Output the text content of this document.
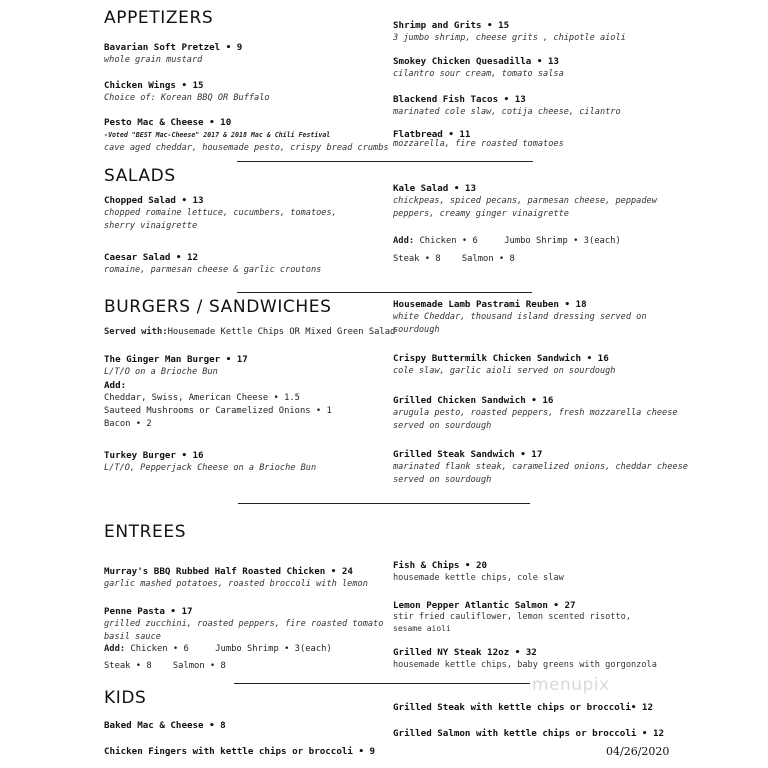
APPETIZERS
Bavarian Soft Pretzel • 9
whole grain mustard
Chicken Wings • 15
Choice of: Korean BBQ OR Buffalo
Pesto Mac & Cheese • 10
-Voted "BEST Mac-Cheese" 2017 & 2018 Mac & Chili Festival
cave aged cheddar, housemade pesto, crispy bread crumbs
Shrimp and Grits • 15
3 jumbo shrimp, cheese grits , chipotle aioli
Smokey Chicken Quesadilla • 13
cilantro sour cream, tomato salsa
Blackend Fish Tacos • 13
marinated cole slaw, cotija cheese, cilantro
Flatbread • 11
mozzarella, fire roasted tomatoes
SALADS
Chopped Salad • 13
chopped romaine lettuce, cucumbers, tomatoes,
sherry vinaigrette
Caesar Salad • 12
romaine, parmesan cheese & garlic croutons
Kale Salad • 13
chickpeas, spiced pecans, parmesan cheese, peppadew
peppers, creamy ginger vinaigrette
Add: Chicken • 6     Jumbo Shrimp • 3(each)
Steak • 8    Salmon • 8
BURGERS / SANDWICHES
Served with:Housemade Kettle Chips OR Mixed Green Salad
The Ginger Man Burger • 17
L/T/O on a Brioche Bun
Add:
Cheddar, Swiss, American Cheese • 1.5
Sauteed Mushrooms or Caramelized Onions • 1
Bacon • 2
Turkey Burger • 16
L/T/O, Pepperjack Cheese on a Brioche Bun
Housemade Lamb Pastrami Reuben • 18
white Cheddar, thousand island dressing served on
sourdough
Crispy Buttermilk Chicken Sandwich • 16
cole slaw, garlic aioli served on sourdough
Grilled Chicken Sandwich • 16
arugula pesto, roasted peppers, fresh mozzarella cheese
served on sourdough
Grilled Steak Sandwich • 17
marinated flank steak, caramelized onions, cheddar cheese
served on sourdough
ENTREES
Murray's BBQ Rubbed Half Roasted Chicken • 24
garlic mashed potatoes, roasted broccoli with lemon
Penne Pasta • 17
grilled zucchini, roasted peppers, fire roasted tomato
basil sauce
Add: Chicken • 6     Jumbo Shrimp • 3(each)
Steak • 8    Salmon • 8
Fish & Chips • 20
housemade kettle chips, cole slaw
Lemon Pepper Atlantic Salmon • 27
stir fried cauliflower, lemon scented risotto,
sesame aioli
Grilled NY Steak 12oz • 32
housemade kettle chips, baby greens with gorgonzola
KIDS
Baked Mac & Cheese • 8
Chicken Fingers with kettle chips or broccoli • 9
Grilled Steak with kettle chips or broccoli• 12
Grilled Salmon with kettle chips or broccoli • 12
menupix
04/26/2020
